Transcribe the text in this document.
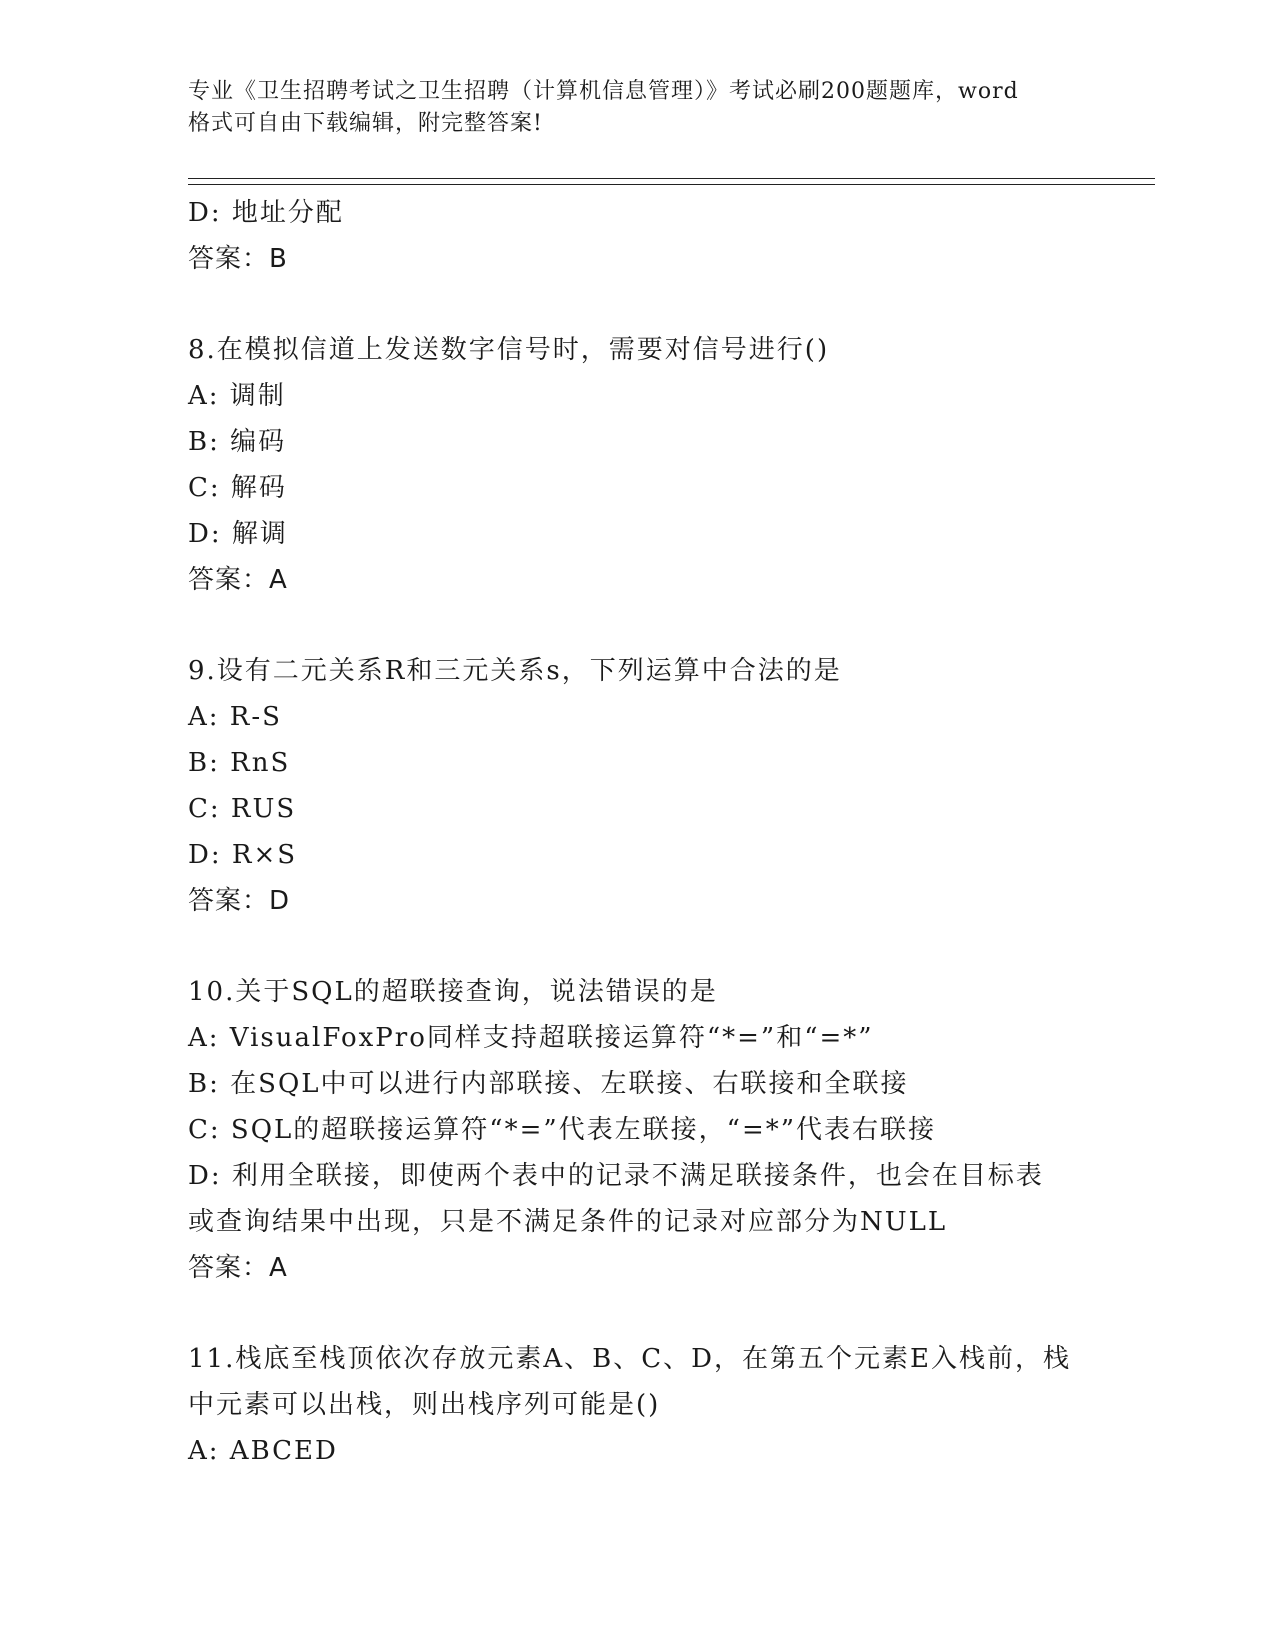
专业《卫生招聘考试之卫生招聘（计算机信息管理）》考试必刷200题题库，word
格式可自由下载编辑，附完整答案!
D: 地址分配
答案：B
8.在模拟信道上发送数字信号时，需要对信号进行()
A: 调制
B: 编码
C: 解码
D: 解调
答案：A
9.设有二元关系R和三元关系s，下列运算中合法的是
A: R-S
B: RnS
C: RUS
D: R×S
答案：D
10.关于SQL的超联接查询，说法错误的是
A: VisualFoxPro同样支持超联接运算符“*=”和“=*”
B: 在SQL中可以进行内部联接、左联接、右联接和全联接
C: SQL的超联接运算符“*=”代表左联接，“=*”代表右联接
D: 利用全联接，即使两个表中的记录不满足联接条件，也会在目标表
或查询结果中出现，只是不满足条件的记录对应部分为NULL
答案：A
11.栈底至栈顶依次存放元素A、B、C、D，在第五个元素E入栈前，栈
中元素可以出栈，则出栈序列可能是()
A: ABCED
